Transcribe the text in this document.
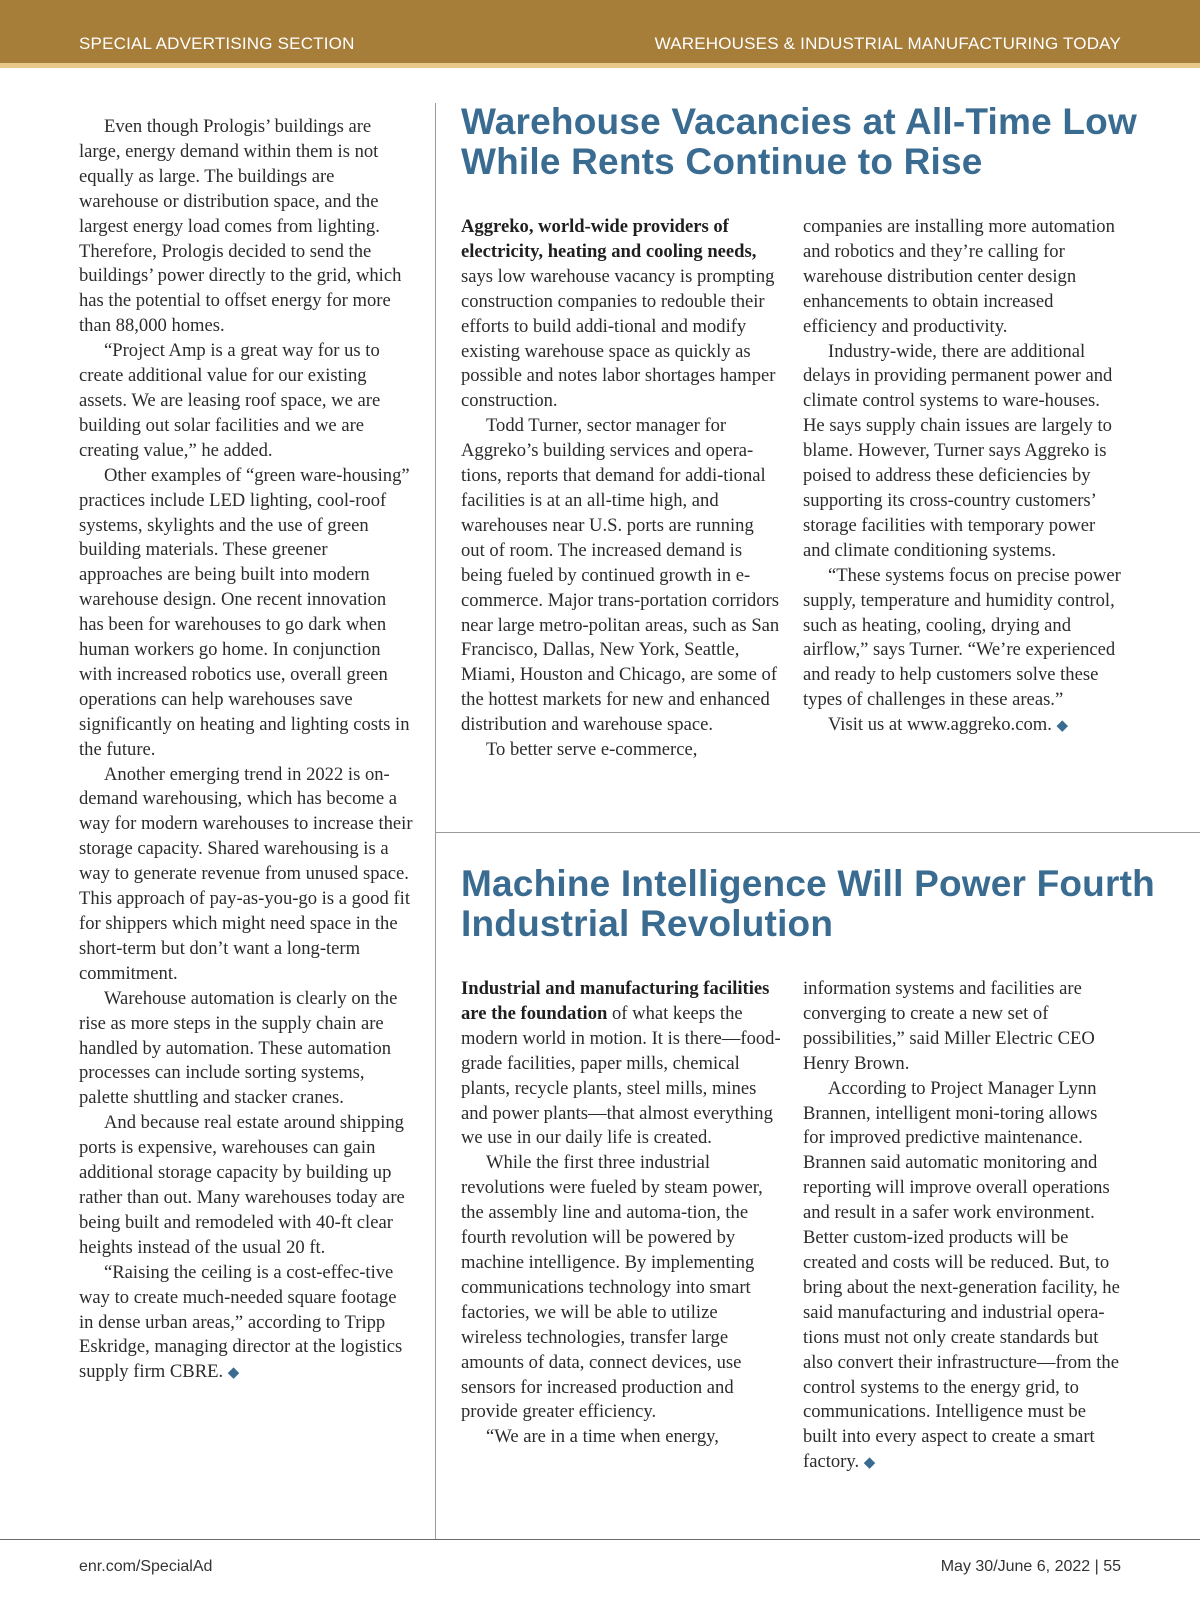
SPECIAL ADVERTISING SECTION	WAREHOUSES & INDUSTRIAL MANUFACTURING TODAY

Even though Prologis’ buildings are large, energy demand within them is not equally as large. The buildings are warehouse or distribution space, and the largest energy load comes from lighting. Therefore, Prologis decided to send the buildings’ power directly to the grid, which has the potential to offset energy for more than 88,000 homes.

“Project Amp is a great way for us to create additional value for our existing assets. We are leasing roof space, we are building out solar facilities and we are creating value,” he added.

Other examples of “green ware-housing” practices include LED lighting, cool-roof systems, skylights and the use of green building materials. These greener approaches are being built into modern warehouse design. One recent innovation has been for warehouses to go dark when human workers go home. In conjunction with increased robotics use, overall green operations can help warehouses save significantly on heating and lighting costs in the future.

Another emerging trend in 2022 is on-demand warehousing, which has become a way for modern warehouses to increase their storage capacity. Shared warehousing is a way to generate revenue from unused space. This approach of pay-as-you-go is a good fit for shippers which might need space in the short-term but don’t want a long-term commitment.

Warehouse automation is clearly on the rise as more steps in the supply chain are handled by automation. These automation processes can include sorting systems, palette shuttling and stacker cranes.

And because real estate around shipping ports is expensive, warehouses can gain additional storage capacity by building up rather than out. Many warehouses today are being built and remodeled with 40-ft clear heights instead of the usual 20 ft.

“Raising the ceiling is a cost-effec-tive way to create much-needed square footage in dense urban areas,” according to Tripp Eskridge, managing director at the logistics supply firm CBRE. ◆

Warehouse Vacancies at All-Time Low While Rents Continue to Rise

Aggreko, world-wide providers of electricity, heating and cooling needs, says low warehouse vacancy is prompting construction companies to redouble their efforts to build addi-tional and modify existing warehouse space as quickly as possible and notes labor shortages hamper construction.

Todd Turner, sector manager for Aggreko’s building services and opera-tions, reports that demand for addi-tional facilities is at an all-time high, and warehouses near U.S. ports are running out of room. The increased demand is being fueled by continued growth in e-commerce. Major trans-portation corridors near large metro-politan areas, such as San Francisco, Dallas, New York, Seattle, Miami, Houston and Chicago, are some of the hottest markets for new and enhanced distribution and warehouse space.

To better serve e-commerce,

companies are installing more automation and robotics and they’re calling for warehouse distribution center design enhancements to obtain increased efficiency and productivity.

Industry-wide, there are additional delays in providing permanent power and climate control systems to ware-houses. He says supply chain issues are largely to blame. However, Turner says Aggreko is poised to address these deficiencies by supporting its cross-country customers’ storage facilities with temporary power and climate conditioning systems.

“These systems focus on precise power supply, temperature and humidity control, such as heating, cooling, drying and airflow,” says Turner. “We’re experienced and ready to help customers solve these types of challenges in these areas.”

Visit us at www.aggreko.com. ◆

Machine Intelligence Will Power Fourth Industrial Revolution

Industrial and manufacturing facilities are the foundation of what keeps the modern world in motion. It is there—food-grade facilities, paper mills, chemical plants, recycle plants, steel mills, mines and power plants—that almost everything we use in our daily life is created.

While the first three industrial revolutions were fueled by steam power, the assembly line and automa-tion, the fourth revolution will be powered by machine intelligence. By implementing communications technology into smart factories, we will be able to utilize wireless technologies, transfer large amounts of data, connect devices, use sensors for increased production and provide greater efficiency.

“We are in a time when energy,

information systems and facilities are converging to create a new set of possibilities,” said Miller Electric CEO Henry Brown.

According to Project Manager Lynn Brannen, intelligent moni-toring allows for improved predictive maintenance. Brannen said automatic monitoring and reporting will improve overall operations and result in a safer work environment. Better custom-ized products will be created and costs will be reduced. But, to bring about the next-generation facility, he said manufacturing and industrial opera-tions must not only create standards but also convert their infrastructure—from the control systems to the energy grid, to communications. Intelligence must be built into every aspect to create a smart factory. ◆

enr.com/SpecialAd	May 30/June 6, 2022 | 55
